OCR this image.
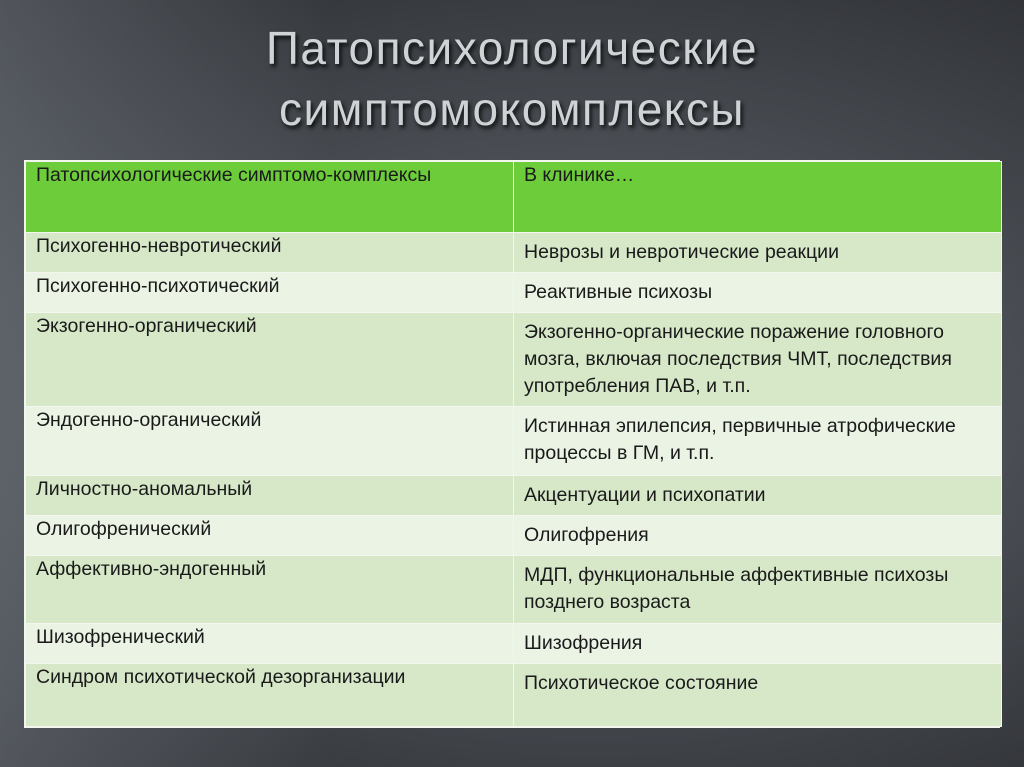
Патопсихологические
симптомокомплексы
Патопсихологические симптомо-комплексы	В клинике…
Психогенно-невротический	Неврозы и невротические реакции
Психогенно-психотический	Реактивные психозы
Экзогенно-органический	Экзогенно-органические поражение головного мозга, включая последствия ЧМТ, последствия употребления ПАВ, и т.п.
Эндогенно-органический	Истинная эпилепсия, первичные атрофические процессы в ГМ, и т.п.
Личностно-аномальный	Акцентуации и психопатии
Олигофренический	Олигофрения
Аффективно-эндогенный	МДП, функциональные аффективные психозы позднего возраста
Шизофренический	Шизофрения
Синдром психотической дезорганизации	Психотическое состояние
